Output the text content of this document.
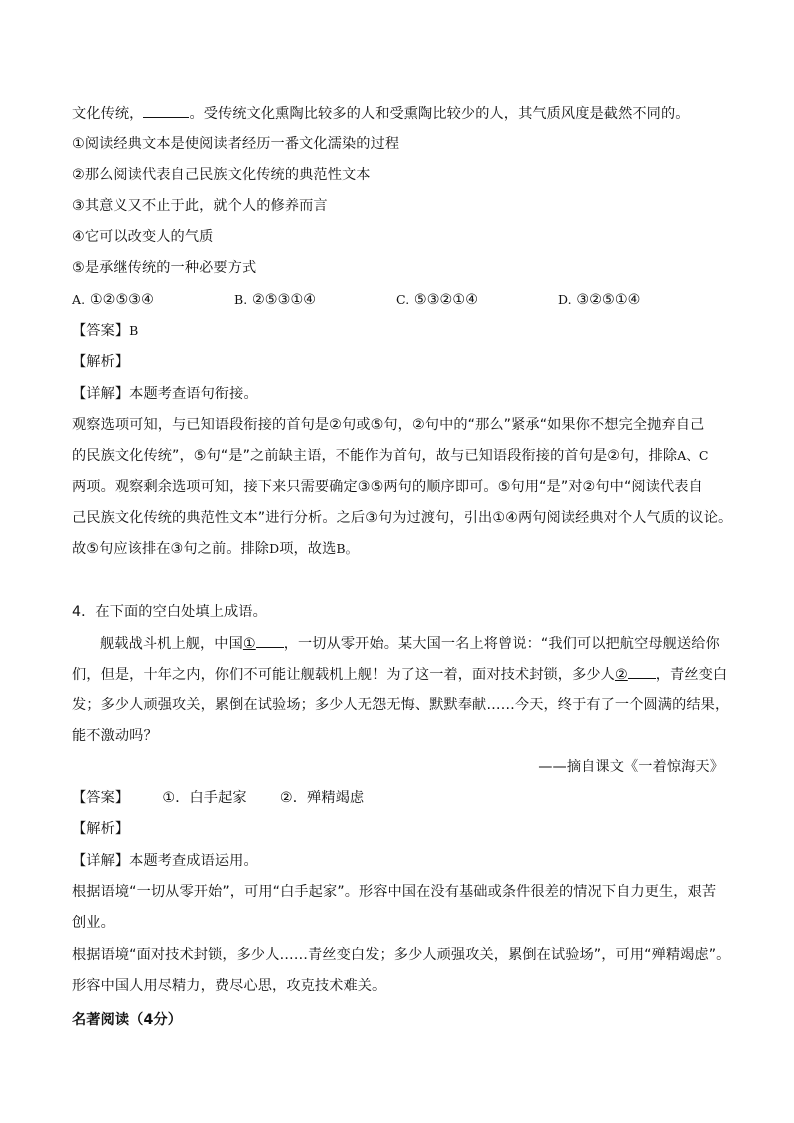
文化传统，	。受传统文化熏陶比较多的人和受熏陶比较少的人，其气质风度是截然不同的。
①阅读经典文本是使阅读者经历一番文化濡染的过程
②那么阅读代表自己民族文化传统的典范性文本
③其意义又不止于此，就个人的修养而言
④它可以改变人的气质
⑤是承继传统的一种必要方式
A. ①②⑤③④	B. ②⑤③①④	C. ⑤③②①④	D. ③②⑤①④
【答案】B
【解析】
【详解】本题考查语句衔接。
观察选项可知，与已知语段衔接的首句是②句或⑤句，②句中的“那么”紧承“如果你不想完全抛弃自己
的民族文化传统”，⑤句“是”之前缺主语，不能作为首句，故与已知语段衔接的首句是②句，排除A、C
两项。观察剩余选项可知，接下来只需要确定③⑤两句的顺序即可。⑤句用“是”对②句中“阅读代表自
己民族文化传统的典范性文本”进行分析。之后③句为过渡句，引出①④两句阅读经典对个人气质的议论。
故⑤句应该排在③句之前。排除D项，故选B。
4．在下面的空白处填上成语。
舰载战斗机上舰，中国① ，一切从零开始。某大国一名上将曾说：“我们可以把航空母舰送给你
们，但是，十年之内，你们不可能让舰载机上舰！为了这一着，面对技术封锁，多少人② ，青丝变白
发；多少人顽强攻关，累倒在试验场；多少人无怨无悔、默默奉献……今天，终于有了一个圆满的结果，
能不激动吗？
——摘自课文《一着惊海天》
【答案】 ①．白手起家 ②．殚精竭虑
【解析】
【详解】本题考查成语运用。
根据语境“一切从零开始”，可用“白手起家”。形容中国在没有基础或条件很差的情况下自力更生，艰苦
创业。
根据语境“面对技术封锁，多少人……青丝变白发；多少人顽强攻关，累倒在试验场”，可用“殚精竭虑”。
形容中国人用尽精力，费尽心思，攻克技术难关。
名著阅读（4分）
